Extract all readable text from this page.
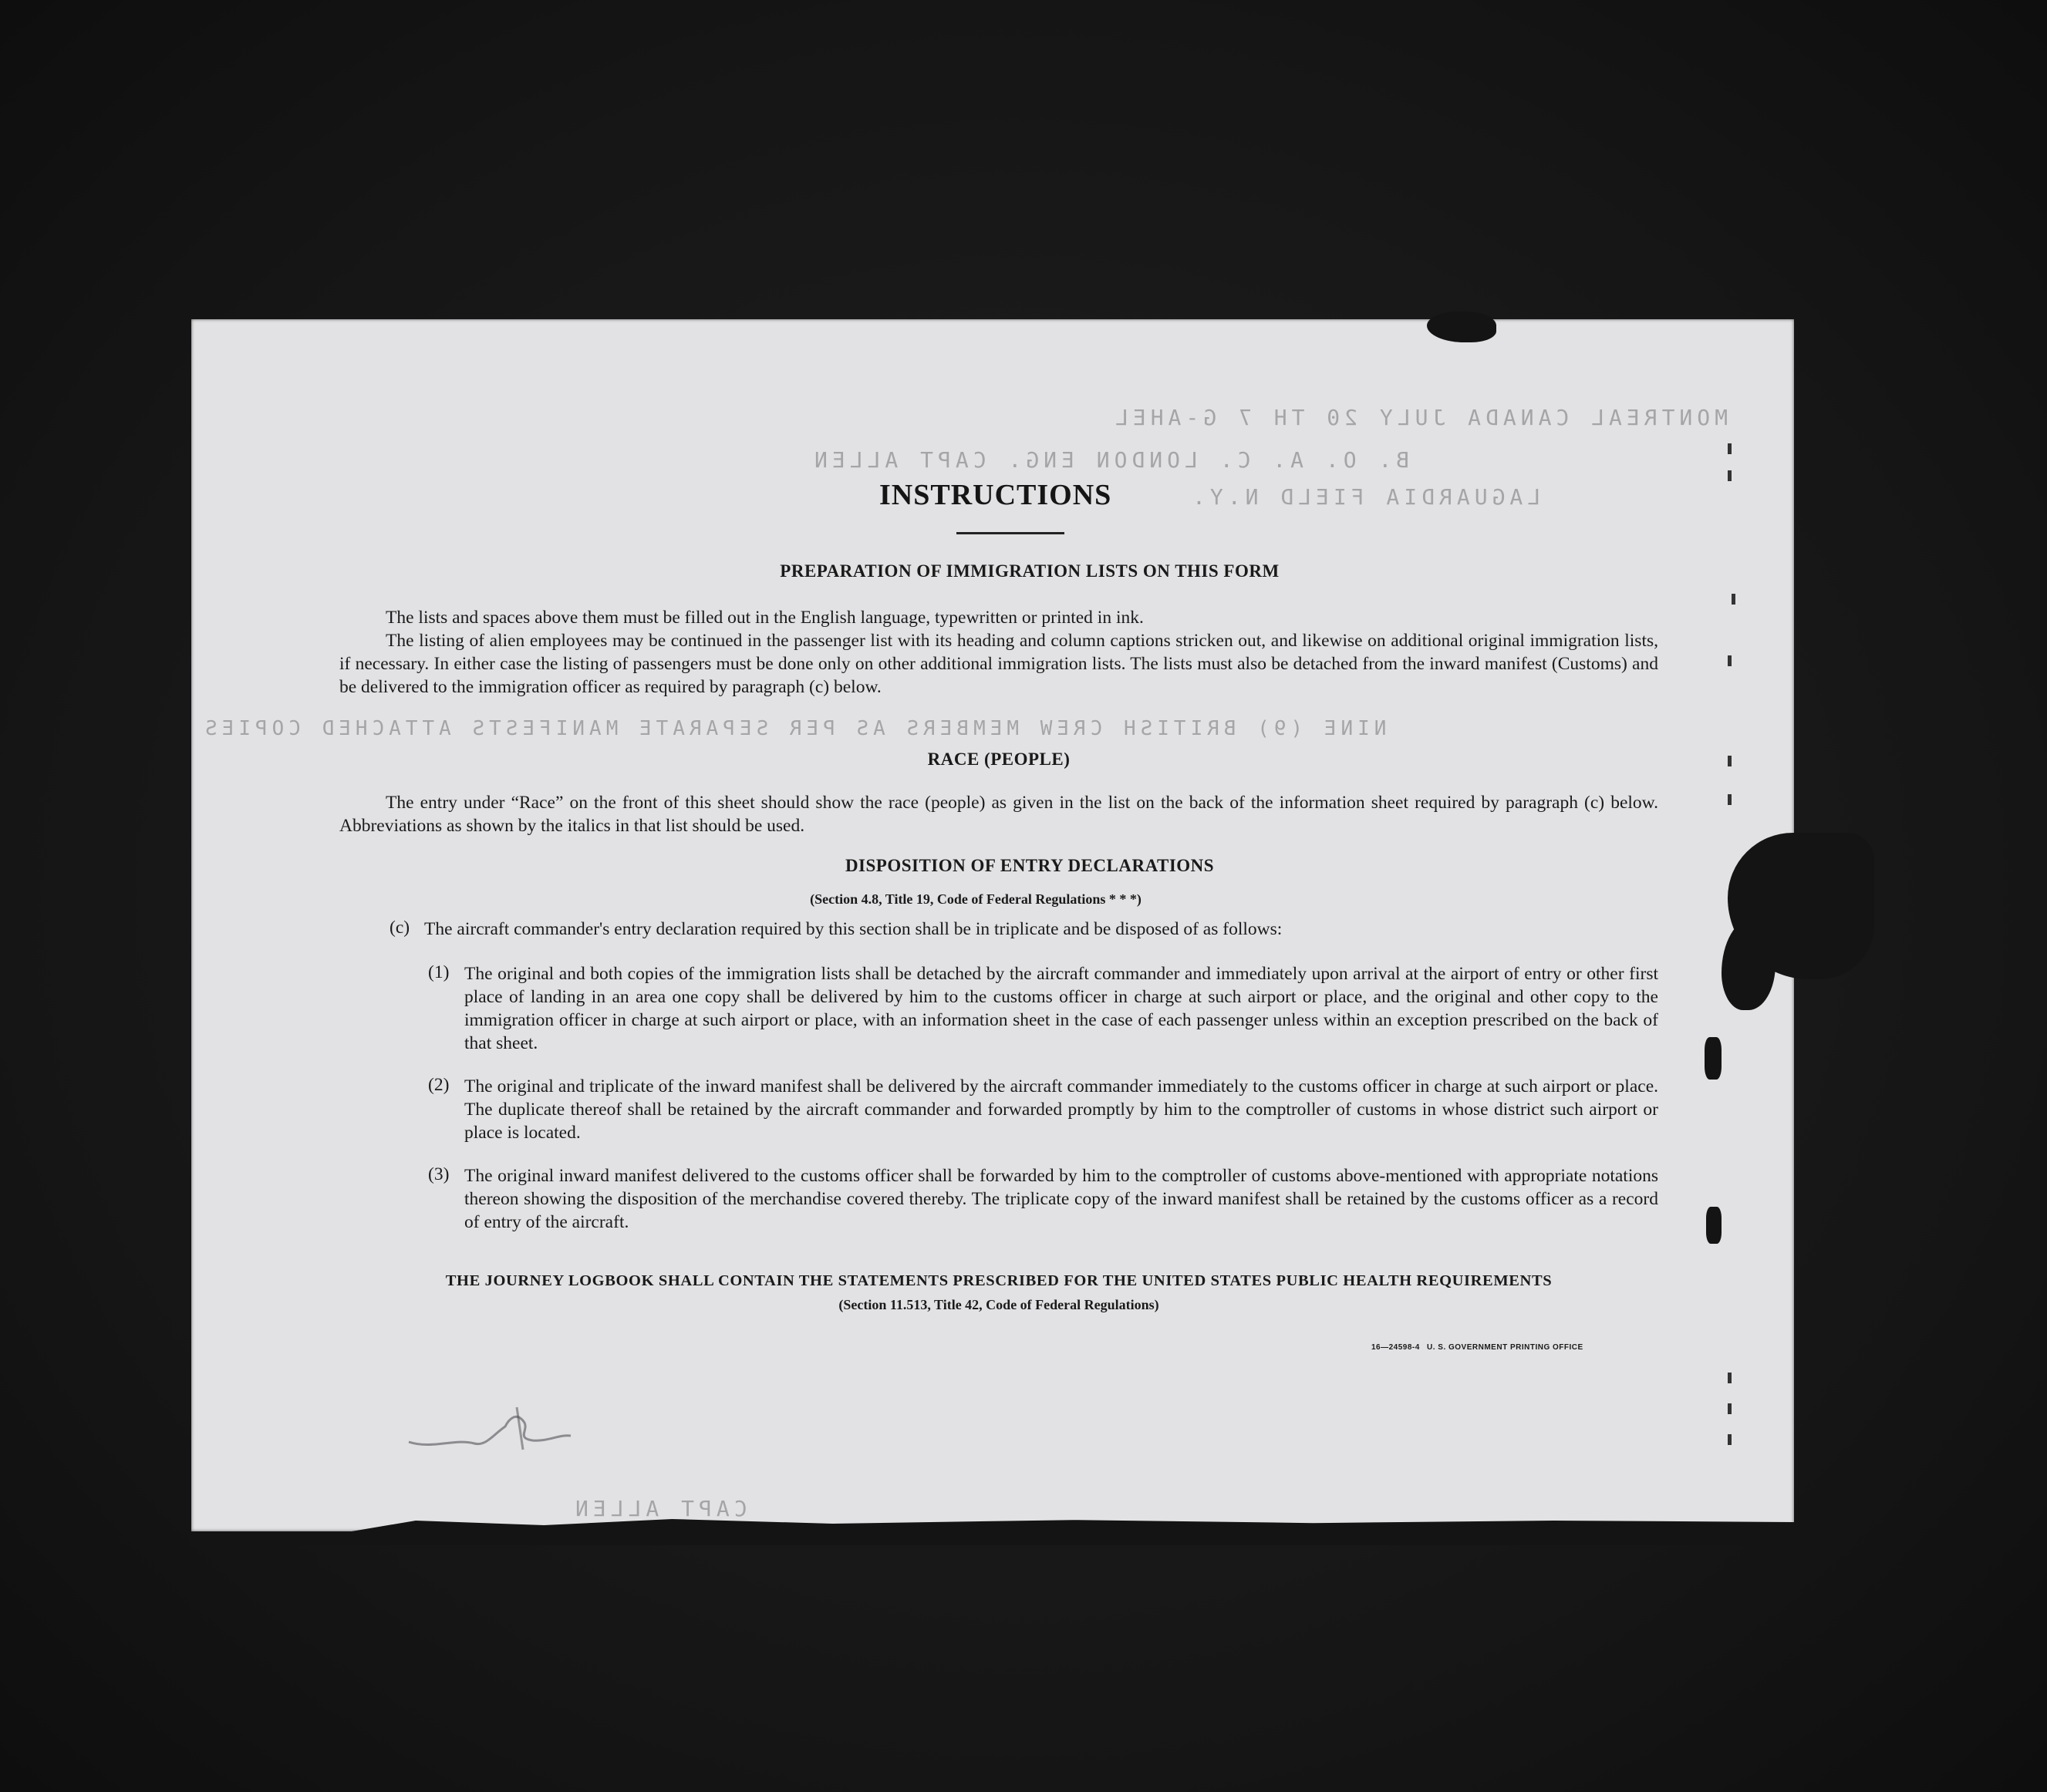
MONTREAL CANADA JULY 20 TH 7 G-AHEL
B. O. A. C. LONDON ENG. CAPT ALLEN
LAGUARDIA FIELD N.Y.
NINE (9) BRITISH CREW MEMBERS AS PER SEPARATE MANIFESTS ATTACHED COPIES
CAPT ALLEN
INSTRUCTIONS
PREPARATION OF IMMIGRATION LISTS ON THIS FORM
The lists and spaces above them must be filled out in the English language, typewritten or printed in ink.
The listing of alien employees may be continued in the passenger list with its heading and column captions stricken out, and likewise on additional original immigration lists, if necessary. In either case the listing of passengers must be done only on other additional immigration lists. The lists must also be detached from the inward manifest (Customs) and be delivered to the immigration officer as required by paragraph (c) below.
RACE (PEOPLE)
The entry under “Race” on the front of this sheet should show the race (people) as given in the list on the back of the information sheet required by paragraph (c) below. Abbreviations as shown by the italics in that list should be used.
DISPOSITION OF ENTRY DECLARATIONS
(Section 4.8, Title 19, Code of Federal Regulations * * *)
(c) The aircraft commander's entry declaration required by this section shall be in triplicate and be disposed of as follows:
(1) The original and both copies of the immigration lists shall be detached by the aircraft commander and immediately upon arrival at the airport of entry or other first place of landing in an area one copy shall be delivered by him to the customs officer in charge at such airport or place, and the original and other copy to the immigration officer in charge at such airport or place, with an information sheet in the case of each passenger unless within an exception prescribed on the back of that sheet.
(2) The original and triplicate of the inward manifest shall be delivered by the aircraft commander immediately to the customs officer in charge at such airport or place. The duplicate thereof shall be retained by the aircraft commander and forwarded promptly by him to the comptroller of customs in whose district such airport or place is located.
(3) The original inward manifest delivered to the customs officer shall be forwarded by him to the comptroller of customs above-mentioned with appropriate notations thereon showing the disposition of the merchandise covered thereby. The triplicate copy of the inward manifest shall be retained by the customs officer as a record of entry of the aircraft.
THE JOURNEY LOGBOOK SHALL CONTAIN THE STATEMENTS PRESCRIBED FOR THE UNITED STATES PUBLIC HEALTH REQUIREMENTS
(Section 11.513, Title 42, Code of Federal Regulations)
16—24598-4 U. S. GOVERNMENT PRINTING OFFICE
